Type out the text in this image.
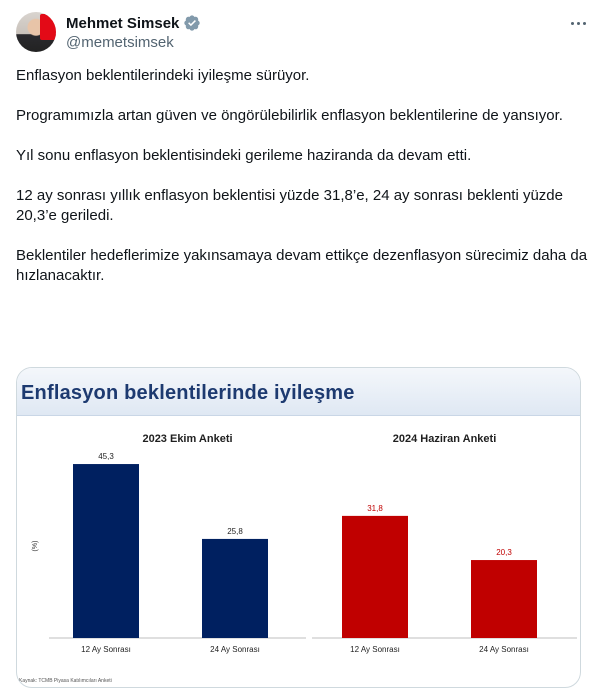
Mehmet Simsek
@memetsimsek

Enflasyon beklentilerindeki iyileşme sürüyor.

Programımızla artan güven ve öngörülebilirlik enflasyon beklentilerine de yansıyor.

Yıl sonu enflasyon beklentisindeki gerileme haziranda da devam etti.

12 ay sonrası yıllık enflasyon beklentisi yüzde 31,8’e, 24 ay sonrası beklenti yüzde 20,3’e geriledi.

Beklentiler hedeflerimize yakınsamaya devam ettikçe dezenflasyon sürecimiz daha da hızlanacaktır.

Enflasyon beklentilerinde iyileşme
2023 Ekim Anketi
45,3
12 Ay Sonrası
25,8
24 Ay Sonrası
(%)
2024 Haziran Anketi
31,8
12 Ay Sonrası
20,3
24 Ay Sonrası
Kaynak: TCMB Piyasa Katılımcıları Anketi
